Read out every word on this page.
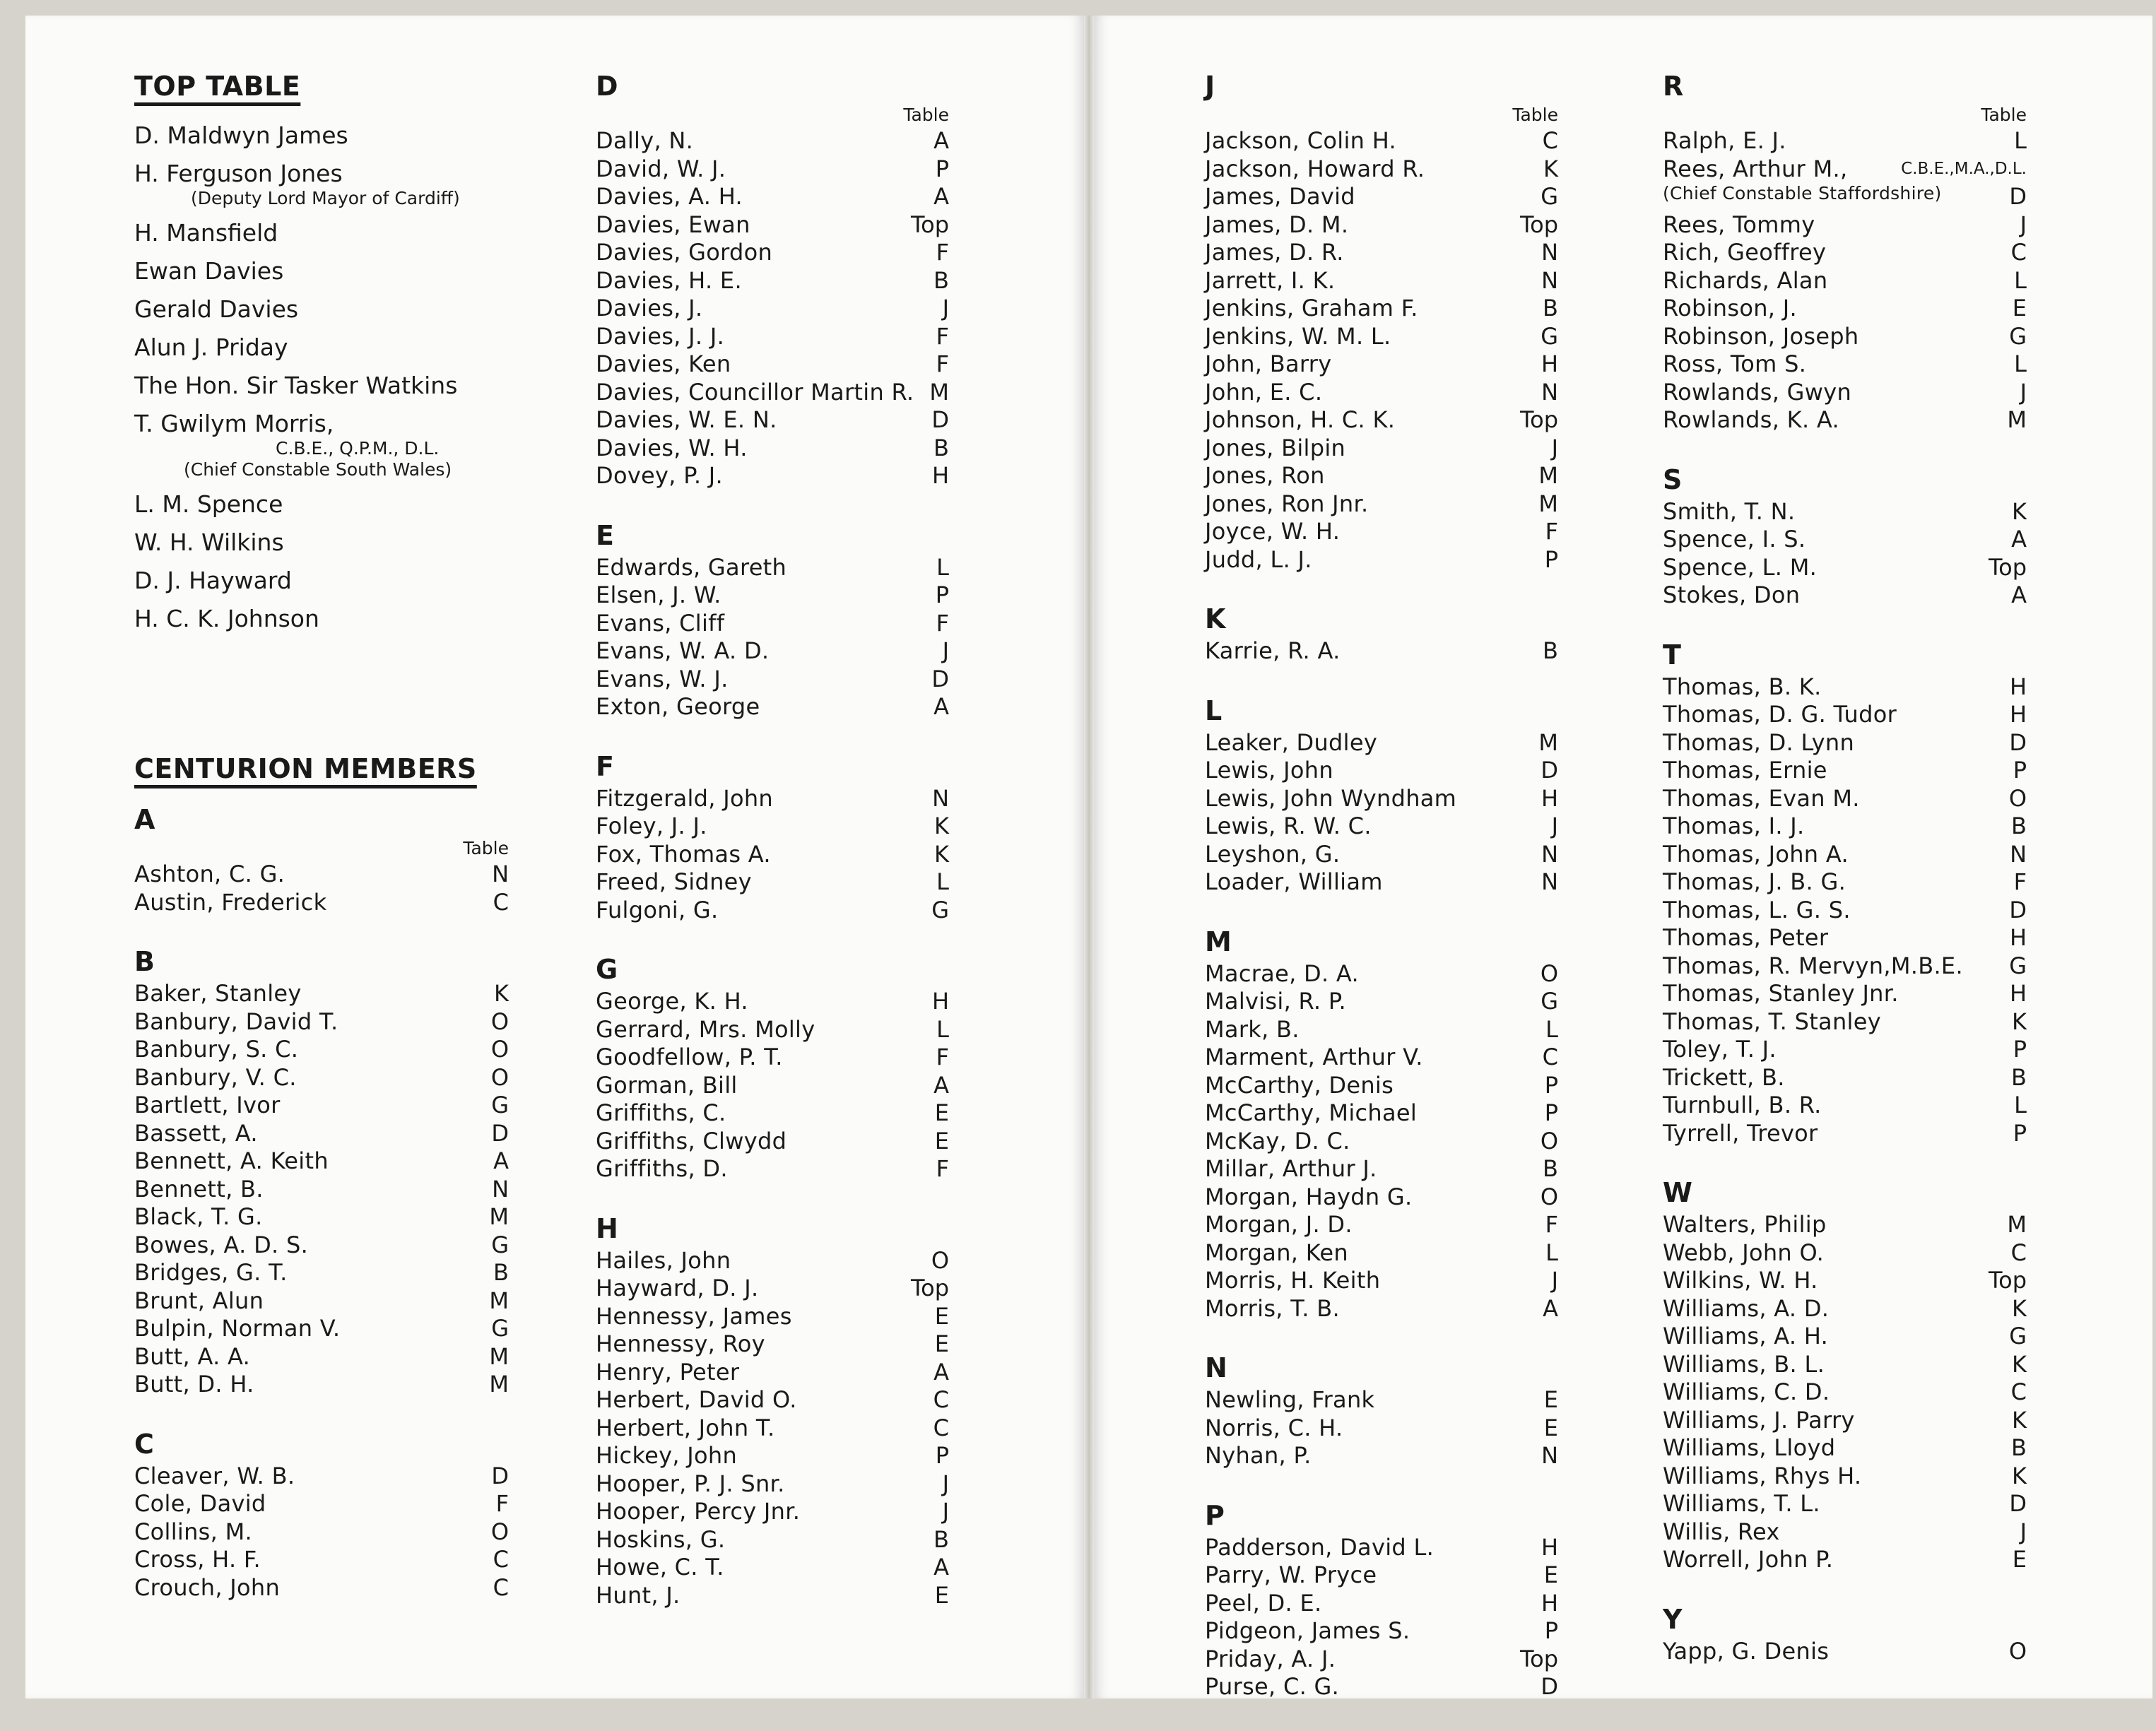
TOP TABLE
D. Maldwyn James
H. Ferguson Jones
(Deputy Lord Mayor of Cardiff)
H. Mansfield
Ewan Davies
Gerald Davies
Alun J. Priday
The Hon. Sir Tasker Watkins
T. Gwilym Morris,
C.B.E., Q.P.M., D.L.
(Chief Constable South Wales)
L. M. Spence
W. H. Wilkins
D. J. Hayward
H. C. K. Johnson
CENTURION MEMBERS
A
Table
Ashton, C. G.	N
Austin, Frederick	C
B
Baker, Stanley	K
Banbury, David T.	O
Banbury, S. C.	O
Banbury, V. C.	O
Bartlett, Ivor	G
Bassett, A.	D
Bennett, A. Keith	A
Bennett, B.	N
Black, T. G.	M
Bowes, A. D. S.	G
Bridges, G. T.	B
Brunt, Alun	M
Bulpin, Norman V.	G
Butt, A. A.	M
Butt, D. H.	M
C
Cleaver, W. B.	D
Cole, David	F
Collins, M.	O
Cross, H. F.	C
Crouch, John	C
D
Table
Dally, N.	A
David, W. J.	P
Davies, A. H.	A
Davies, Ewan	Top
Davies, Gordon	F
Davies, H. E.	B
Davies, J.	J
Davies, J. J.	F
Davies, Ken	F
Davies, Councillor Martin R. M
Davies, W. E. N.	D
Davies, W. H.	B
Dovey, P. J.	H
E
Edwards, Gareth	L
Elsen, J. W.	P
Evans, Cliff	F
Evans, W. A. D.	J
Evans, W. J.	D
Exton, George	A
F
Fitzgerald, John	N
Foley, J. J.	K
Fox, Thomas A.	K
Freed, Sidney	L
Fulgoni, G.	G
G
George, K. H.	H
Gerrard, Mrs. Molly	L
Goodfellow, P. T.	F
Gorman, Bill	A
Griffiths, C.	E
Griffiths, Clwydd	E
Griffiths, D.	F
H
Hailes, John	O
Hayward, D. J.	Top
Hennessy, James	E
Hennessy, Roy	E
Henry, Peter	A
Herbert, David O.	C
Herbert, John T.	C
Hickey, John	P
Hooper, P. J. Snr.	J
Hooper, Percy Jnr.	J
Hoskins, G.	B
Howe, C. T.	A
Hunt, J.	E
J
Table
Jackson, Colin H.	C
Jackson, Howard R.	K
James, David	G
James, D. M.	Top
James, D. R.	N
Jarrett, I. K.	N
Jenkins, Graham F.	B
Jenkins, W. M. L.	G
John, Barry	H
John, E. C.	N
Johnson, H. C. K.	Top
Jones, Bilpin	J
Jones, Ron	M
Jones, Ron Jnr.	M
Joyce, W. H.	F
Judd, L. J.	P
K
Karrie, R. A.	B
L
Leaker, Dudley	M
Lewis, John	D
Lewis, John Wyndham	H
Lewis, R. W. C.	J
Leyshon, G.	N
Loader, William	N
M
Macrae, D. A.	O
Malvisi, R. P.	G
Mark, B.	L
Marment, Arthur V.	C
McCarthy, Denis	P
McCarthy, Michael	P
McKay, D. C.	O
Millar, Arthur J.	B
Morgan, Haydn G.	O
Morgan, J. D.	F
Morgan, Ken	L
Morris, H. Keith	J
Morris, T. B.	A
N
Newling, Frank	E
Norris, C. H.	E
Nyhan, P.	N
P
Padderson, David L.	H
Parry, W. Pryce	E
Peel, D. E.	H
Pidgeon, James S.	P
Priday, A. J.	Top
Purse, C. G.	D
R
Table
Ralph, E. J.	L
Rees, Arthur M.,	C.B.E.,M.A.,D.L.
(Chief Constable Staffordshire)	D
Rees, Tommy	J
Rich, Geoffrey	C
Richards, Alan	L
Robinson, J.	E
Robinson, Joseph	G
Ross, Tom S.	L
Rowlands, Gwyn	J
Rowlands, K. A.	M
S
Smith, T. N.	K
Spence, I. S.	A
Spence, L. M.	Top
Stokes, Don	A
T
Thomas, B. K.	H
Thomas, D. G. Tudor	H
Thomas, D. Lynn	D
Thomas, Ernie	P
Thomas, Evan M.	O
Thomas, I. J.	B
Thomas, John A.	N
Thomas, J. B. G.	F
Thomas, L. G. S.	D
Thomas, Peter	H
Thomas, R. Mervyn,M.B.E. G
Thomas, Stanley Jnr.	H
Thomas, T. Stanley	K
Toley, T. J.	P
Trickett, B.	B
Turnbull, B. R.	L
Tyrrell, Trevor	P
W
Walters, Philip	M
Webb, John O.	C
Wilkins, W. H.	Top
Williams, A. D.	K
Williams, A. H.	G
Williams, B. L.	K
Williams, C. D.	C
Williams, J. Parry	K
Williams, Lloyd	B
Williams, Rhys H.	K
Williams, T. L.	D
Willis, Rex	J
Worrell, John P.	E
Y
Yapp, G. Denis	O
